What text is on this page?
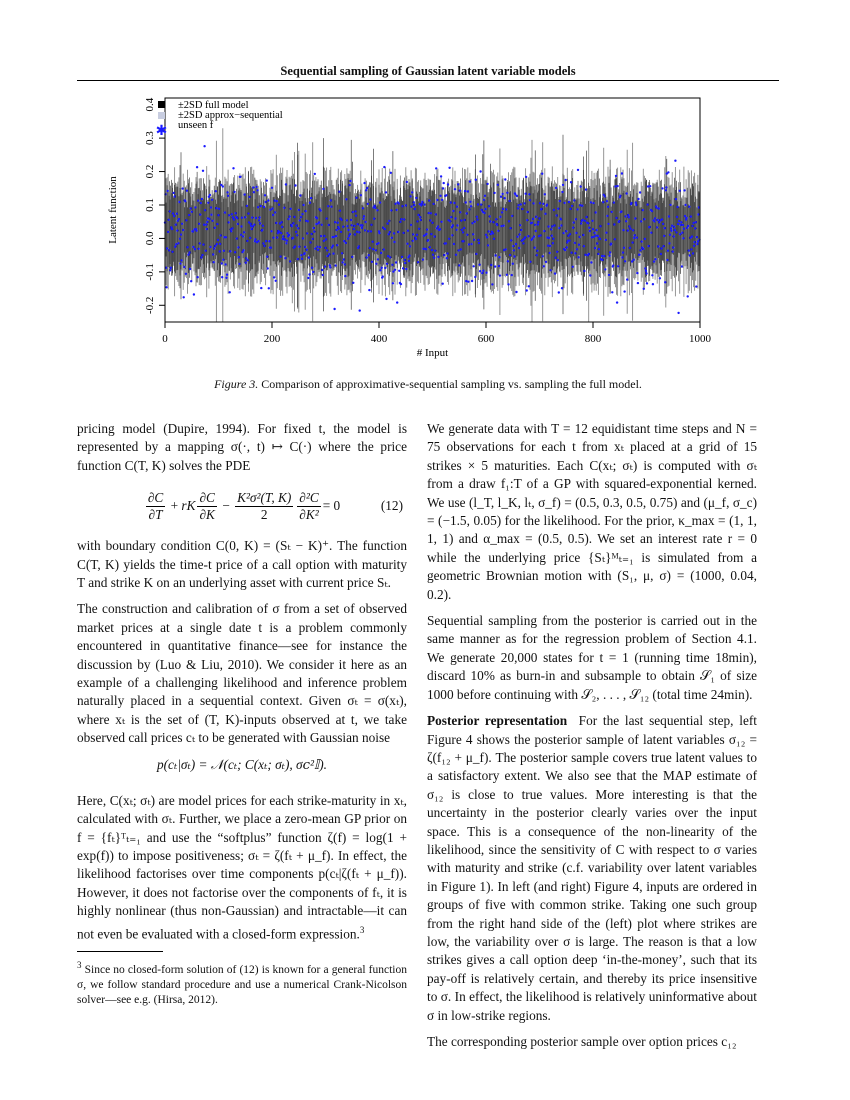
Sequential sampling of Gaussian latent variable models
0	200	400	600	800	1000
-0.2
-0.1
0.0
0.1
0.2
0.3
0.4
# Input
Latent function
✱
±2SD full model
±2SD approx−sequential
unseen f
Figure 3. Comparison of approximative-sequential sampling vs. sampling the full model.

pricing model (Dupire, 1994). For fixed t, the model is represented by a mapping σ(·, t) ↦ C(·) where the price function C(T, K) solves the PDE

$\frac{\partial C}{\partial T}$ + rK $\frac{\partial C}{\partial K} - \frac{\text{K²σ²(T, K)}}{2} \frac{\text{∂²C}}{\text{∂K²}} = 0$	(12)

with boundary condition C(0, K) = (Sₜ − K)⁺. The function C(T, K) yields the time-t price of a call option with maturity T and strike K on an underlying asset with current price Sₜ.

The construction and calibration of σ from a set of observed market prices at a single date t is a problem commonly encountered in quantitative finance—see for instance the discussion by (Luo & Liu, 2010). We consider it here as an example of a challenging likelihood and inference problem naturally placed in a sequential context. Given σₜ = σ(xₜ), where xₜ is the set of (T, K)-inputs observed at t, we take observed call prices cₜ to be generated with Gaussian noise

p(cₜ|σₜ) = 𝒩(cₜ; C(xₜ; σₜ), σ𝑐²𝕀).

Here, C(xₜ; σₜ) are model prices for each strike-maturity in xₜ, calculated with σₜ. Further, we place a zero-mean GP prior on f = {fₜ}ᵀₜ₌₁ and use the “softplus” function ζ(f) = log(1 + exp(f)) to impose positiveness; σₜ = ζ(fₜ + μ_f). In effect, the likelihood factorises over time components p(cₜ|ζ(fₜ + μ_f)). However, it does not factorise over the components of fₜ, it is highly nonlinear (thus non-Gaussian) and intractable—it can not even be evaluated with a closed-form expression.$^3$

$^3$ Since no closed-form solution of (12) is known for a general function σ, we follow standard procedure and use a numerical Crank-Nicolson solver—see e.g. (Hirsa, 2012).

We generate data with T = 12 equidistant time steps and N = 75 observations for each t from xₜ placed at a grid of 15 strikes × 5 maturities. Each C(xₜ; σₜ) is computed with σₜ from a draw f₁:T of a GP with squared-exponential kerned. We use (l_T, l_K, lₜ, σ_f) = (0.5, 0.3, 0.5, 0.75) and (μ_f, σ_c) = (−1.5, 0.05) for the likelihood. For the prior, κ_max = (1, 1, 1, 1) and α_max = (0.5, 0.5). We set an interest rate r = 0 while the underlying price {Sₜ}ᴹₜ₌₁ is simulated from a geometric Brownian motion with (S₁, μ, σ) = (1000, 0.04, 0.2).

Sequential sampling from the posterior is carried out in the same manner as for the regression problem of Section 4.1. We generate 20,000 states for t = 1 (running time 18min), discard 10% as burn-in and subsample to obtain 𝒮₁ of size 1000 before continuing with 𝒮₂, . . . , 𝒮₁₂ (total time 24min).

Posterior representation For the last sequential step, left Figure 4 shows the posterior sample of latent variables σ₁₂ = ζ(f₁₂ + μ_f). The posterior sample covers true latent values to a satisfactory extent. We also see that the MAP estimate of σ₁₂ is close to true values. More interesting is that the uncertainty in the posterior clearly varies over the input space. This is a consequence of the non-linearity of the likelihood, since the sensitivity of C with respect to σ varies with maturity and strike (c.f. variability over latent variables in Figure 1). In left (and right) Figure 4, inputs are ordered in groups of five with common strike. Taking one such group from the right hand side of the (left) plot where strikes are low, the variability over σ is large. The reason is that a low strikes gives a call option deep ‘in-the-money’, such that its pay-off is relatively certain, and thereby its price insensitive to σ. In effect, the likelihood is relatively uninformative about σ in low-strike regions.

The corresponding posterior sample over option prices c₁₂
